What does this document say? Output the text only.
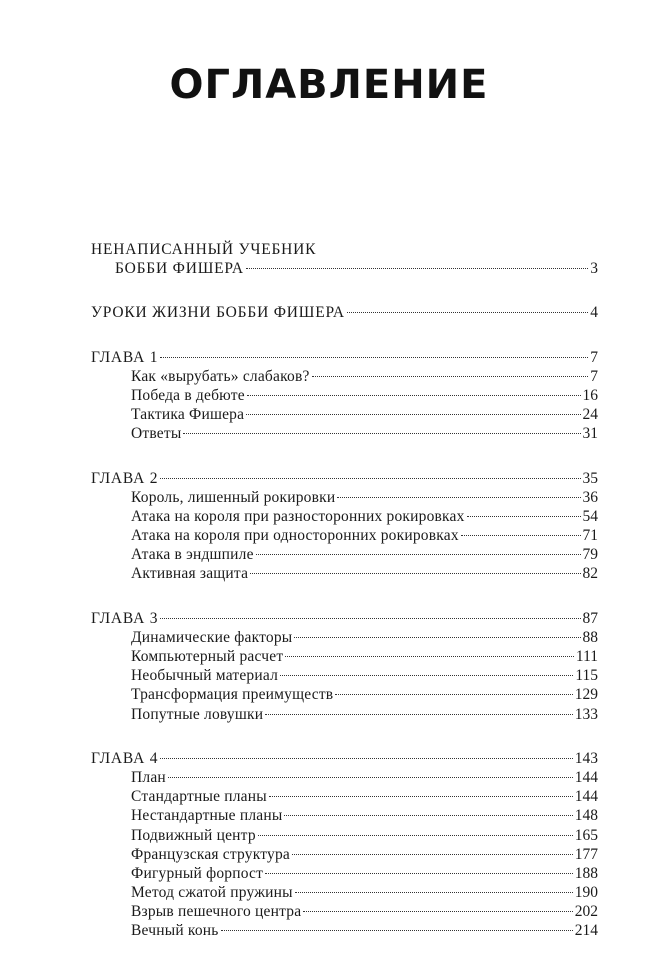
ОГЛАВЛЕНИЕ
НЕНАПИСАННЫЙ УЧЕБНИК
БОББИ ФИШЕРА	3
УРОКИ ЖИЗНИ БОББИ ФИШЕРА	4
ГЛАВА 1	7
Как «вырубать» слабаков?	7
Победа в дебюте	16
Тактика Фишера	24
Ответы	31
ГЛАВА 2	35
Король, лишенный рокировки	36
Атака на короля при разносторонних рокировках	54
Атака на короля при односторонних рокировках	71
Атака в эндшпиле	79
Активная защита	82
ГЛАВА 3	87
Динамические факторы	88
Компьютерный расчет	111
Необычный материал	115
Трансформация преимуществ	129
Попутные ловушки	133
ГЛАВА 4	143
План	144
Стандартные планы	144
Нестандартные планы	148
Подвижный центр	165
Французская структура	177
Фигурный форпост	188
Метод сжатой пружины	190
Взрыв пешечного центра	202
Вечный конь	214
